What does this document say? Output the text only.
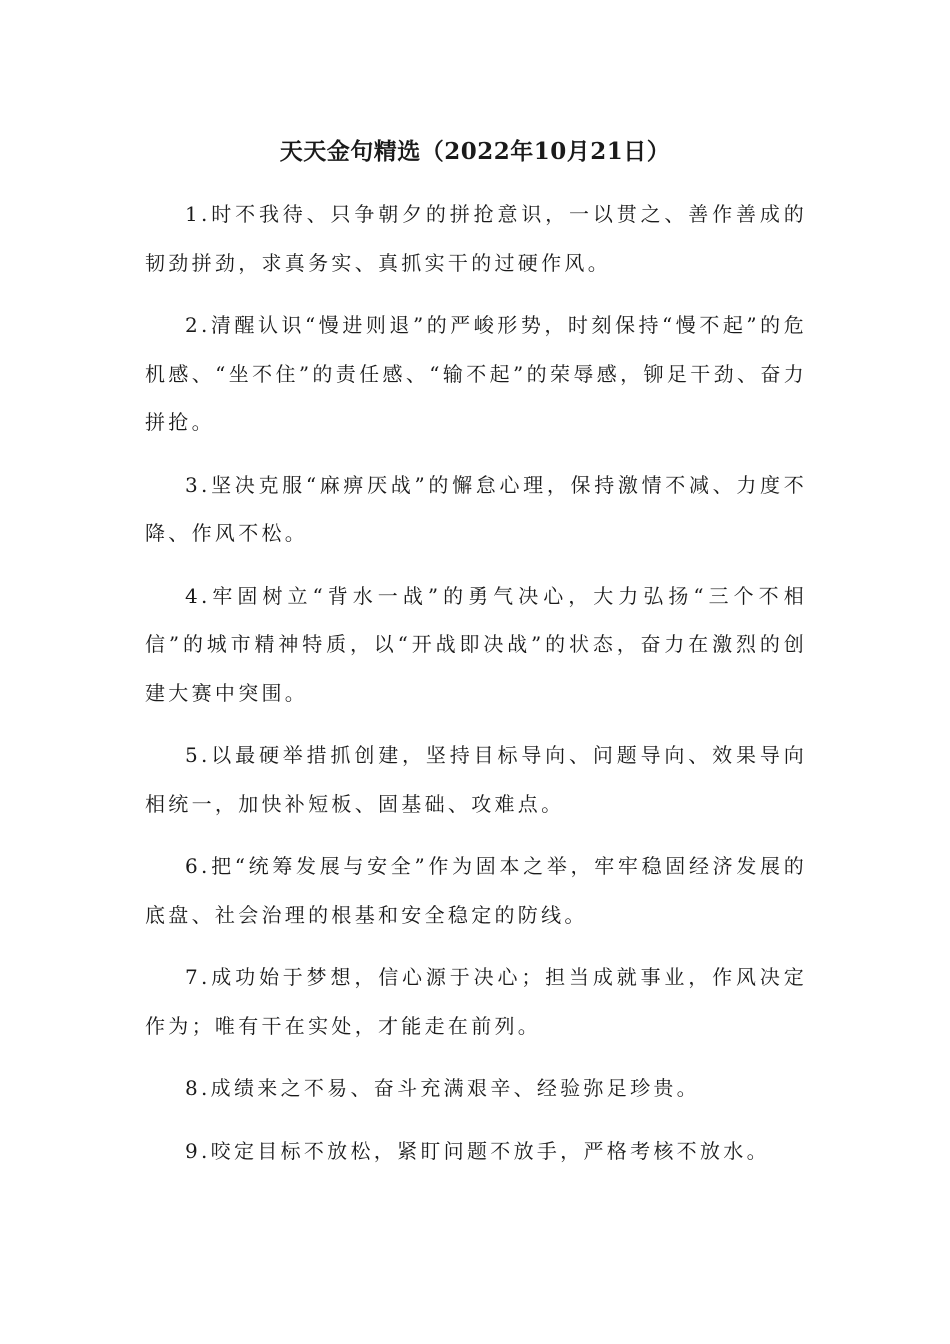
天天金句精选（2022年10月21日）

1.时不我待、只争朝夕的拼抢意识，一以贯之、善作善成的韧劲拼劲，求真务实、真抓实干的过硬作风。

2.清醒认识“慢进则退”的严峻形势，时刻保持“慢不起”的危机感、“坐不住”的责任感、“输不起”的荣辱感，铆足干劲、奋力拼抢。

3.坚决克服“麻痹厌战”的懈怠心理，保持激情不减、力度不降、作风不松。

4.牢固树立“背水一战”的勇气决心，大力弘扬“三个不相信”的城市精神特质，以“开战即决战”的状态，奋力在激烈的创建大赛中突围。

5.以最硬举措抓创建，坚持目标导向、问题导向、效果导向相统一，加快补短板、固基础、攻难点。

6.把“统筹发展与安全”作为固本之举，牢牢稳固经济发展的底盘、社会治理的根基和安全稳定的防线。

7.成功始于梦想，信心源于决心；担当成就事业，作风决定作为；唯有干在实处，才能走在前列。

8.成绩来之不易、奋斗充满艰辛、经验弥足珍贵。

9.咬定目标不放松，紧盯问题不放手，严格考核不放水。
